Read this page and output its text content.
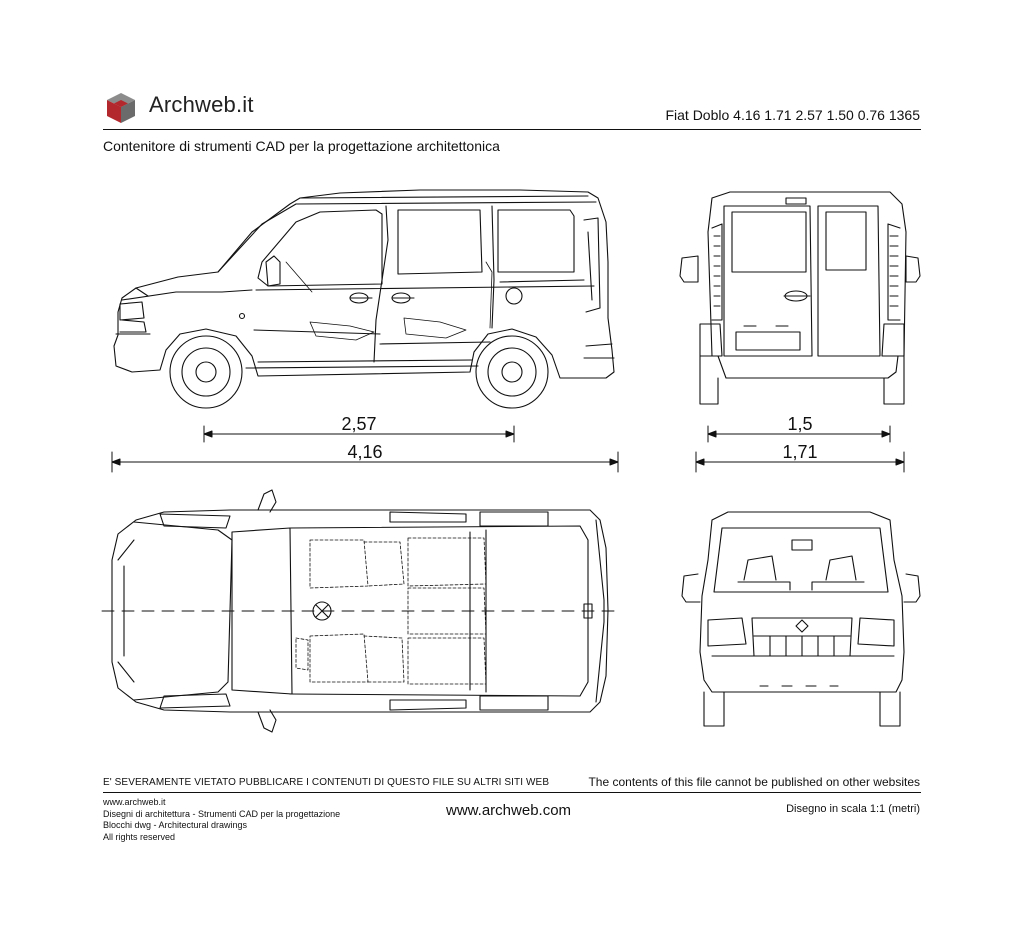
Archweb.it	Fiat Doblo 4.16 1.71 2.57 1.50 0.76 1365
Contenitore di strumenti CAD per la progettazione architettonica
2,57
4,16
1,5
1,71
E' SEVERAMENTE VIETATO PUBBLICARE I CONTENUTI DI QUESTO FILE SU ALTRI SITI WEB	The contents of this file cannot be published on other websites
www.archweb.it
Disegni di architettura - Strumenti CAD per la progettazione
Blocchi dwg - Architectural drawings
All rights reserved
www.archweb.com	Disegno in scala 1:1 (metri)
